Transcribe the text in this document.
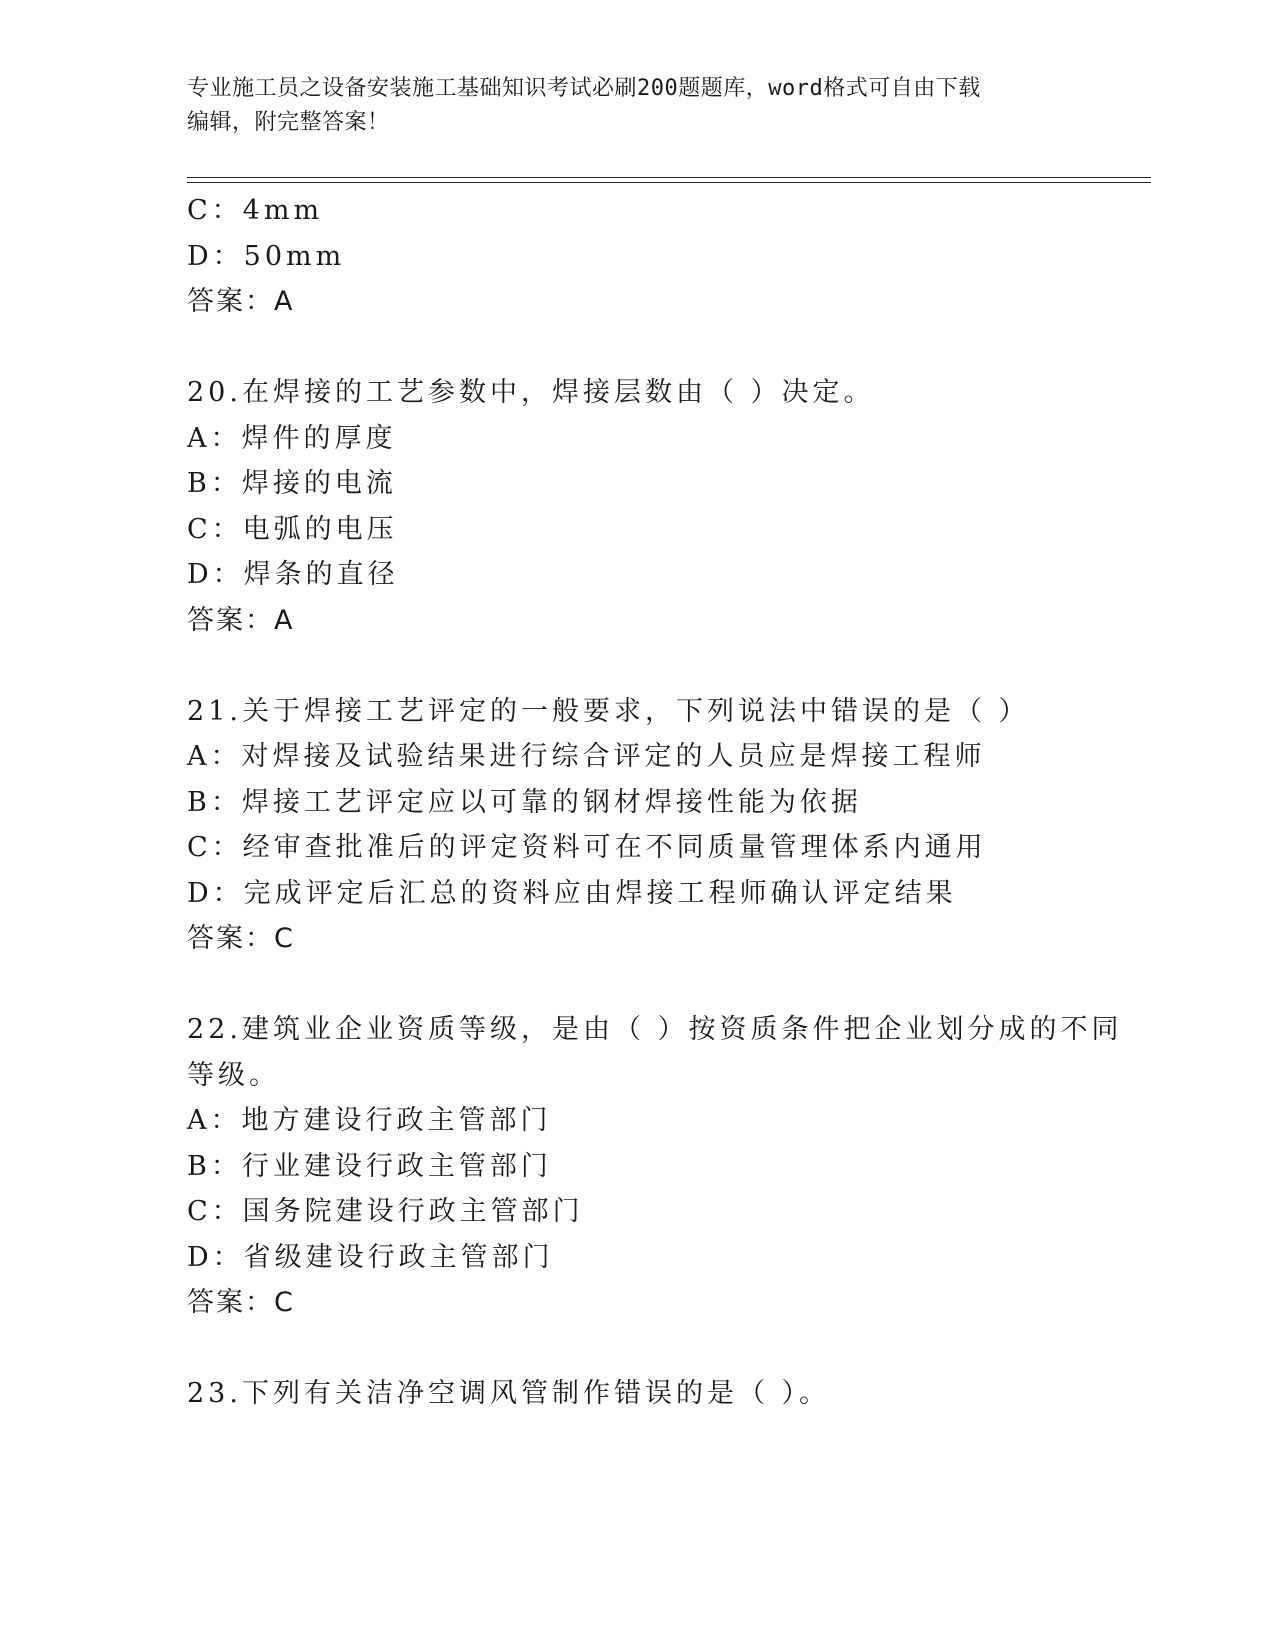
专业施工员之设备安装施工基础知识考试必刷200题题库，word格式可自由下载
编辑，附完整答案！
C：4mm
D：50mm
答案：A
20.在焊接的工艺参数中，焊接层数由（ ）决定。
A：焊件的厚度
B：焊接的电流
C：电弧的电压
D：焊条的直径
答案：A
21.关于焊接工艺评定的一般要求，下列说法中错误的是（ ）
A：对焊接及试验结果进行综合评定的人员应是焊接工程师
B：焊接工艺评定应以可靠的钢材焊接性能为依据
C：经审查批准后的评定资料可在不同质量管理体系内通用
D：完成评定后汇总的资料应由焊接工程师确认评定结果
答案：C
22.建筑业企业资质等级，是由（ ）按资质条件把企业划分成的不同
等级。
A：地方建设行政主管部门
B：行业建设行政主管部门
C：国务院建设行政主管部门
D：省级建设行政主管部门
答案：C
23.下列有关洁净空调风管制作错误的是（ ）。
